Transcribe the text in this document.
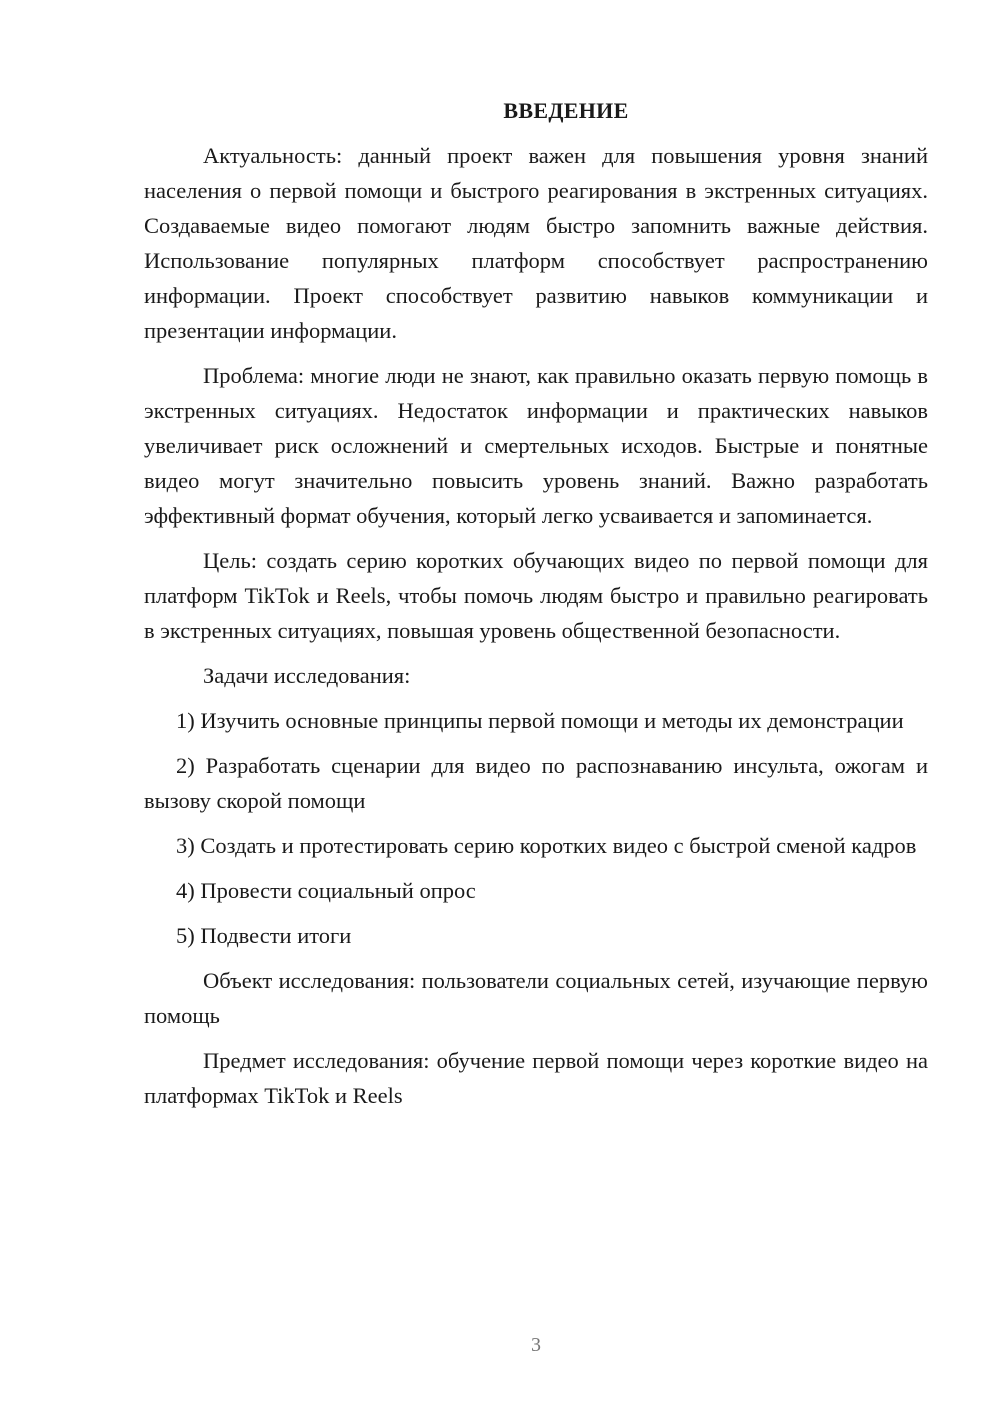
ВВЕДЕНИЕ

Актуальность: данный проект важен для повышения уровня знаний населения о первой помощи и быстрого реагирования в экстренных ситуациях. Создаваемые видео помогают людям быстро запомнить важные действия. Использование популярных платформ способствует распространению информации. Проект способствует развитию навыков коммуникации и презентации информации.

Проблема: многие люди не знают, как правильно оказать первую помощь в экстренных ситуациях. Недостаток информации и практических навыков увеличивает риск осложнений и смертельных исходов. Быстрые и понятные видео могут значительно повысить уровень знаний. Важно разработать эффективный формат обучения, который легко усваивается и запоминается.

Цель: создать серию коротких обучающих видео по первой помощи для платформ TikTok и Reels, чтобы помочь людям быстро и правильно реагировать в экстренных ситуациях, повышая уровень общественной безопасности.

Задачи исследования:

1) Изучить основные принципы первой помощи и методы их демонстрации

2) Разработать сценарии для видео по распознаванию инсульта, ожогам и вызову скорой помощи

3) Создать и протестировать серию коротких видео с быстрой сменой кадров

4) Провести социальный опрос

5) Подвести итоги

Объект исследования: пользователи социальных сетей, изучающие первую помощь

Предмет исследования: обучение первой помощи через короткие видео на платформах TikTok и Reels

3
